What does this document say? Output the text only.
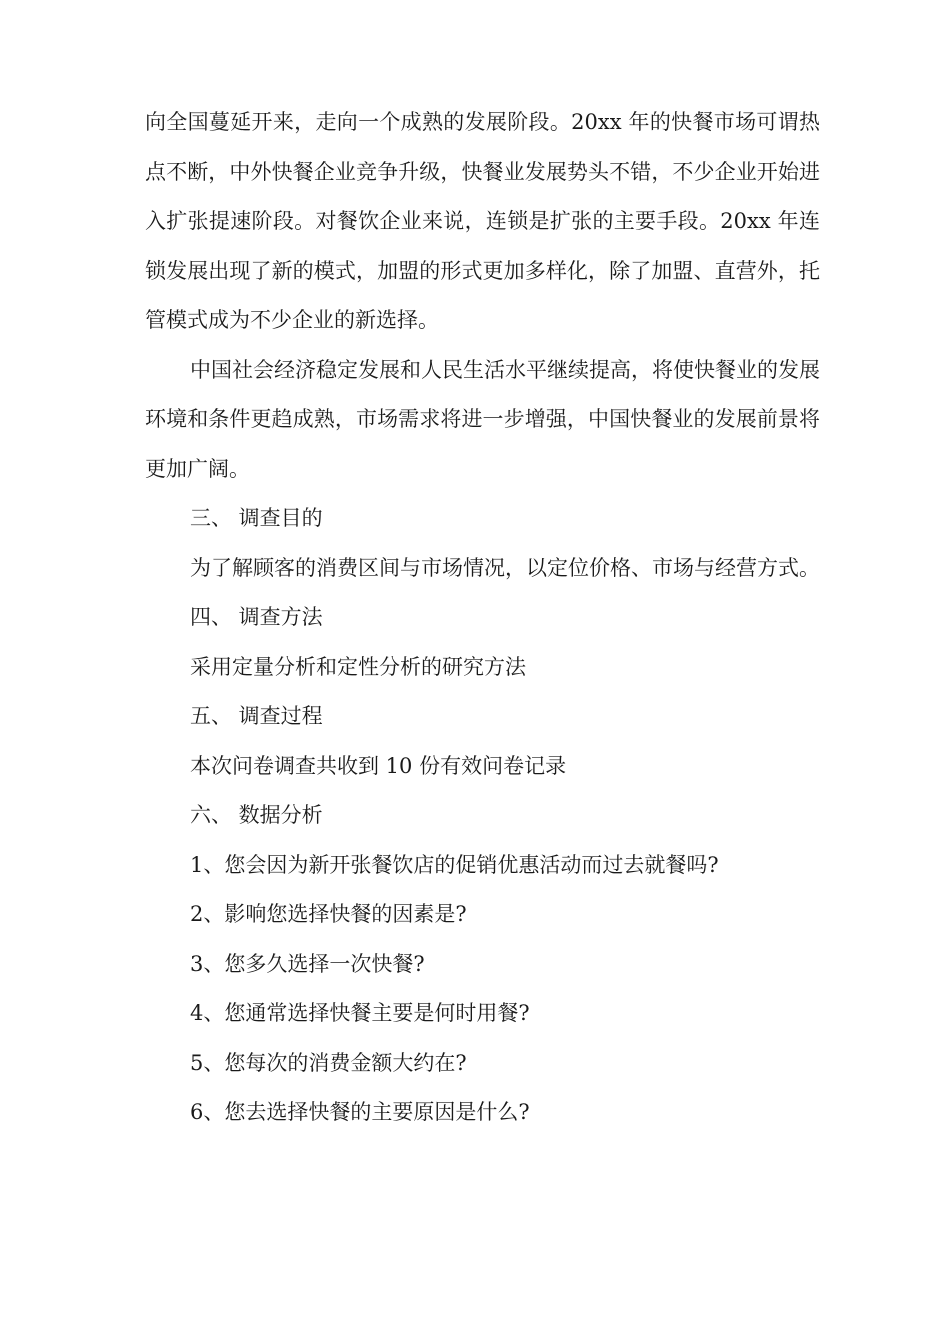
向全国蔓延开来，走向一个成熟的发展阶段。20xx 年的快餐市场可谓热点不断，中外快餐企业竞争升级，快餐业发展势头不错，不少企业开始进入扩张提速阶段。对餐饮企业来说，连锁是扩张的主要手段。20xx 年连锁发展出现了新的模式，加盟的形式更加多样化，除了加盟、直营外，托管模式成为不少企业的新选择。

中国社会经济稳定发展和人民生活水平继续提高，将使快餐业的发展环境和条件更趋成熟，市场需求将进一步增强，中国快餐业的发展前景将更加广阔。

三、 调查目的

为了解顾客的消费区间与市场情况，以定位价格、市场与经营方式。

四、 调查方法

采用定量分析和定性分析的研究方法

五、 调查过程

本次问卷调查共收到 10 份有效问卷记录

六、 数据分析

1、您会因为新开张餐饮店的促销优惠活动而过去就餐吗?

2、影响您选择快餐的因素是?

3、您多久选择一次快餐?

4、您通常选择快餐主要是何时用餐?

5、您每次的消费金额大约在?

6、您去选择快餐的主要原因是什么?
